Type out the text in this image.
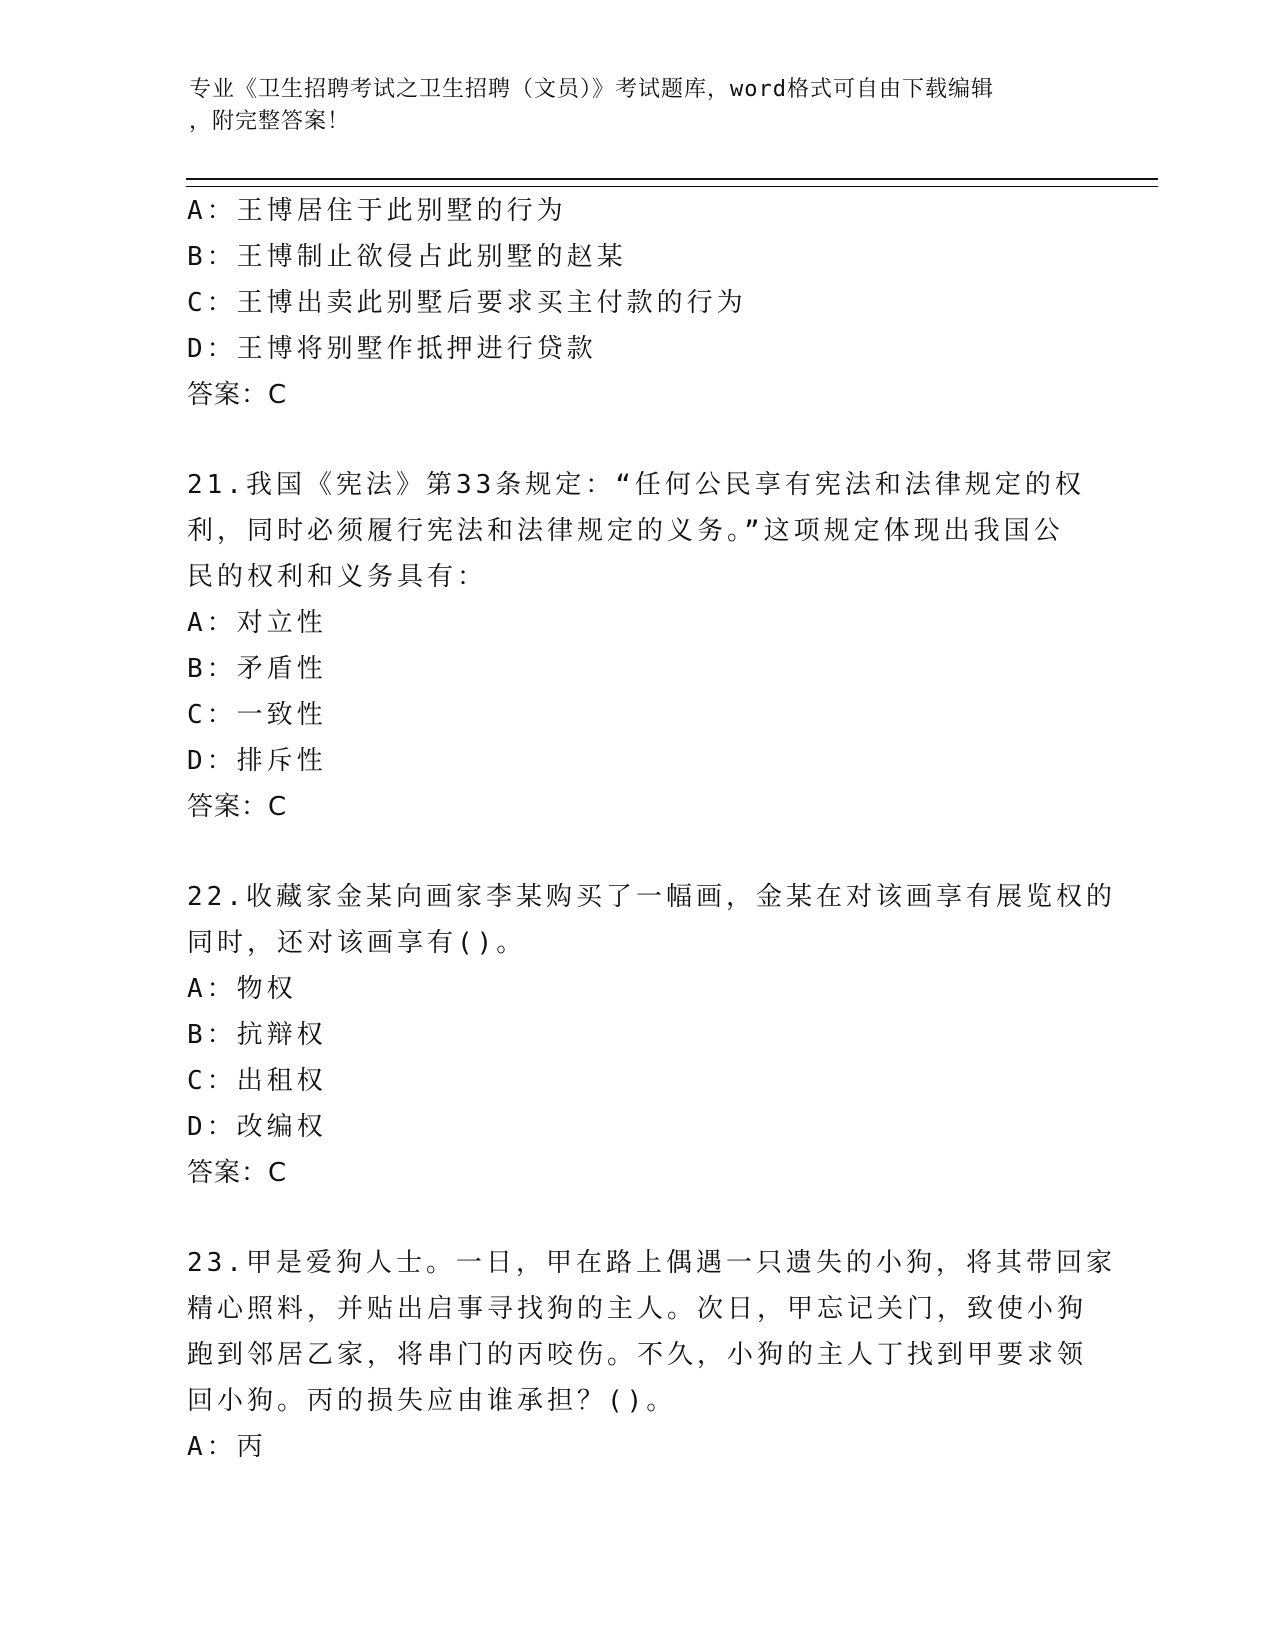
专业《卫生招聘考试之卫生招聘（文员）》考试题库，word格式可自由下载编辑
，附完整答案！
A：王博居住于此别墅的行为
B：王博制止欲侵占此别墅的赵某
C：王博出卖此别墅后要求买主付款的行为
D：王博将别墅作抵押进行贷款
答案：C
21.我国《宪法》第33条规定：“任何公民享有宪法和法律规定的权
利，同时必须履行宪法和法律规定的义务。”这项规定体现出我国公
民的权利和义务具有：
A：对立性
B：矛盾性
C：一致性
D：排斥性
答案：C
22.收藏家金某向画家李某购买了一幅画，金某在对该画享有展览权的
同时，还对该画享有()。
A：物权
B：抗辩权
C：出租权
D：改编权
答案：C
23.甲是爱狗人士。一日，甲在路上偶遇一只遗失的小狗，将其带回家
精心照料，并贴出启事寻找狗的主人。次日，甲忘记关门，致使小狗
跑到邻居乙家，将串门的丙咬伤。不久，小狗的主人丁找到甲要求领
回小狗。丙的损失应由谁承担？()。
A：丙
